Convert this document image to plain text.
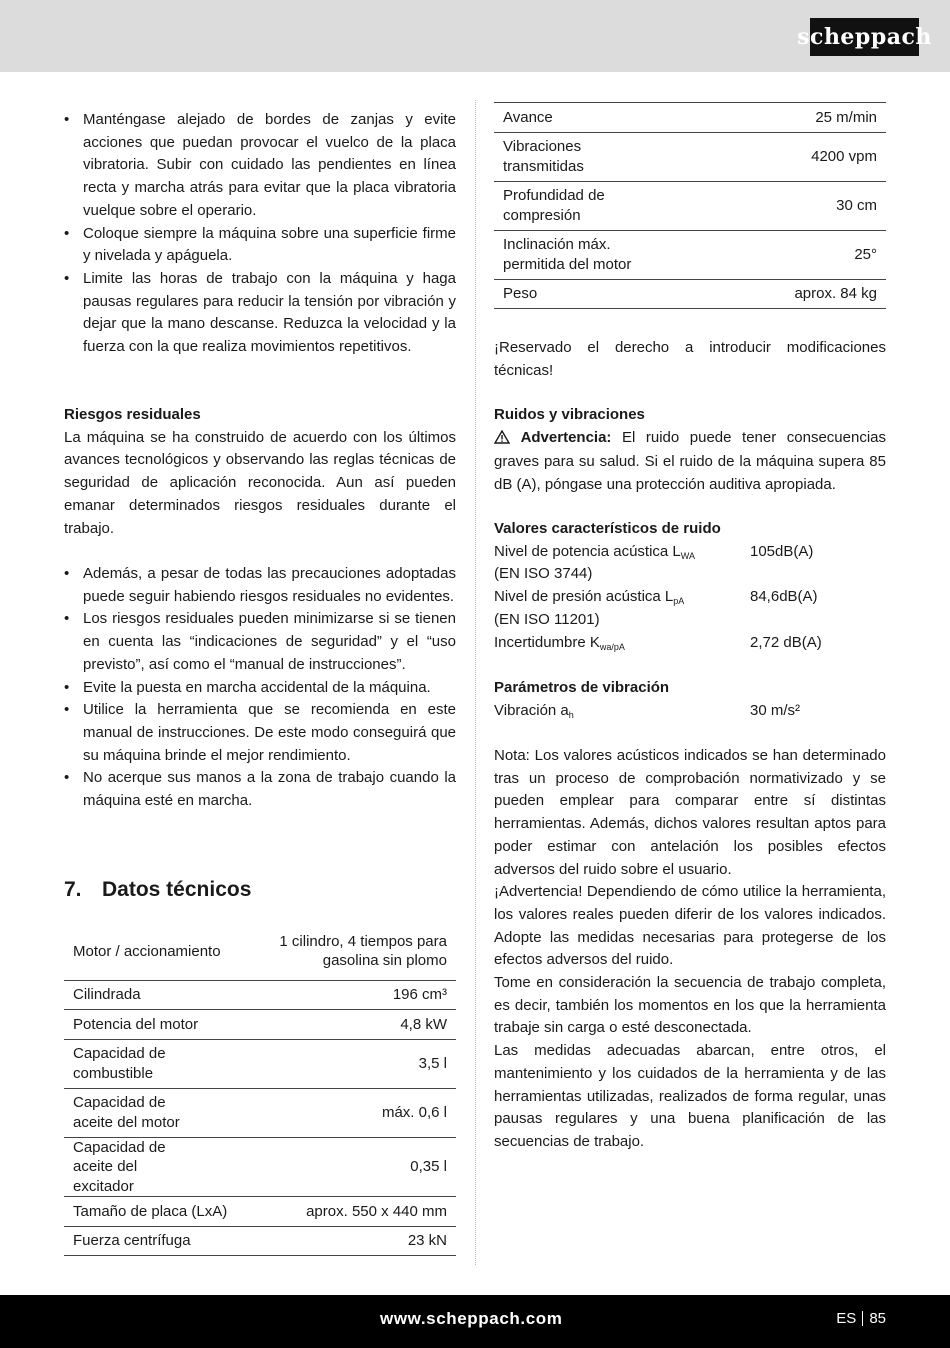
scheppach
• Manténgase alejado de bordes de zanjas y evite acciones que puedan provocar el vuelco de la placa vibratoria. Subir con cuidado las pendientes en línea recta y marcha atrás para evitar que la placa vibratoria vuelque sobre el operario.
• Coloque siempre la máquina sobre una superficie firme y nivelada y apáguela.
• Limite las horas de trabajo con la máquina y haga pausas regulares para reducir la tensión por vibración y dejar que la mano descanse. Reduzca la velocidad y la fuerza con la que realiza movimientos repetitivos.
Riesgos residuales

La máquina se ha construido de acuerdo con los últimos avances tecnológicos y observando las reglas técnicas de seguridad de aplicación reconocida. Aun así pueden emanar determinados riesgos residuales durante el trabajo.

• Además, a pesar de todas las precauciones adoptadas puede seguir habiendo riesgos residuales no evidentes.
• Los riesgos residuales pueden minimizarse si se tienen en cuenta las “indicaciones de seguridad” y el “uso previsto”, así como el “manual de instrucciones”.
• Evite la puesta en marcha accidental de la máquina.
• Utilice la herramienta que se recomienda en este manual de instrucciones. De este modo conseguirá que su máquina brinde el mejor rendimiento.
• No acerque sus manos a la zona de trabajo cuando la máquina esté en marcha.
7. Datos técnicos
Motor / accionamiento	1 cilindro, 4 tiempos para gasolina sin plomo
Cilindrada	196 cm³
Potencia del motor	4,8 kW
Capacidad de combustible	3,5 l
Capacidad de aceite del motor	máx. 0,6 l
Capacidad de aceite del excitador	0,35 l
Tamaño de placa (LxA)	aprox. 550 x 440 mm
Fuerza centrífuga	23 kN
Avance	25 m/min
Vibraciones transmitidas	4200 vpm
Profundidad de compresión	30 cm
Inclinación máx. permitida del motor	25°
Peso	aprox. 84 kg

¡Reservado el derecho a introducir modificaciones técnicas!

Ruidos y vibraciones

Advertencia: El ruido puede tener consecuencias graves para su salud. Si el ruido de la máquina supera 85 dB (A), póngase una protección auditiva apropiada.

Valores característicos de ruido
Nivel de potencia acústica $L_{WA}$	105dB(A)
(EN ISO 3744)
Nivel de presión acústica $L_{pA}$	84,6dB(A)
(EN ISO 11201)
Incertidumbre $K_{wa/pA}$	2,72 dB(A)
Parámetros de vibración
Vibración $a_h$	30 m/s²

Nota: Los valores acústicos indicados se han determinado tras un proceso de comprobación normativizado y se pueden emplear para comparar entre sí distintas herramientas. Además, dichos valores resultan aptos para poder estimar con antelación los posibles efectos adversos del ruido sobre el usuario.

¡Advertencia! Dependiendo de cómo utilice la herramienta, los valores reales pueden diferir de los valores indicados. Adopte las medidas necesarias para protegerse de los efectos adversos del ruido.

Tome en consideración la secuencia de trabajo completa, es decir, también los momentos en los que la herramienta trabaje sin carga o esté desconectada.

Las medidas adecuadas abarcan, entre otros, el mantenimiento y los cuidados de la herramienta y de las herramientas utilizadas, realizados de forma regular, unas pausas regulares y una buena planificación de las secuencias de trabajo.

www.scheppach.com	ES 85
